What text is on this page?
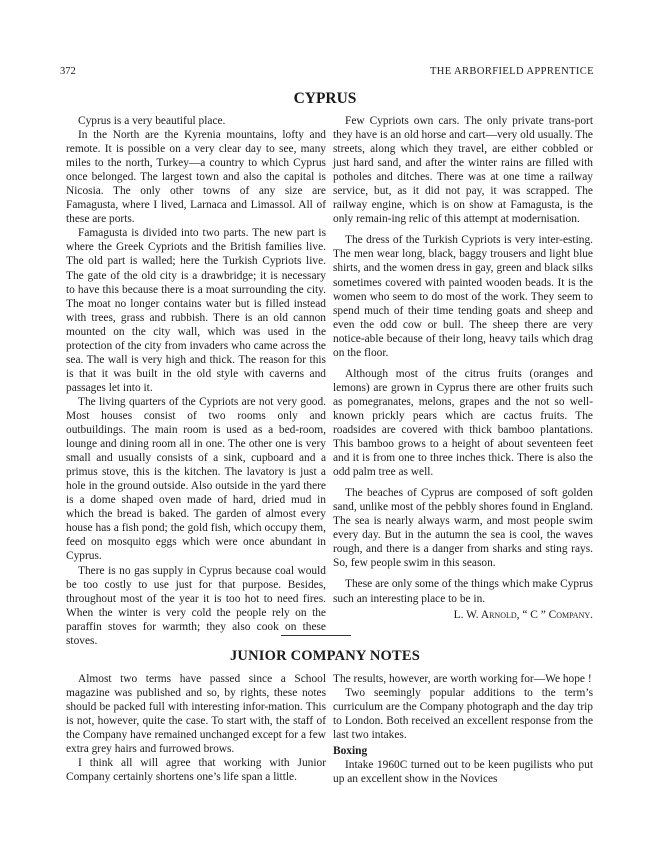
372	THE ARBORFIELD APPRENTICE
CYPRUS

Cyprus is a very beautiful place.

In the North are the Kyrenia mountains, lofty and remote. It is possible on a very clear day to see, many miles to the north, Turkey—a country to which Cyprus once belonged. The largest town and also the capital is Nicosia. The only other towns of any size are Famagusta, where I lived, Larnaca and Limassol. All of these are ports.

Famagusta is divided into two parts. The new part is where the Greek Cypriots and the British families live. The old part is walled; here the Turkish Cypriots live. The gate of the old city is a drawbridge; it is necessary to have this because there is a moat surrounding the city. The moat no longer contains water but is filled instead with trees, grass and rubbish. There is an old cannon mounted on the city wall, which was used in the protection of the city from invaders who came across the sea. The wall is very high and thick. The reason for this is that it was built in the old style with caverns and passages let into it.

The living quarters of the Cypriots are not very good. Most houses consist of two rooms only and outbuildings. The main room is used as a bed-room, lounge and dining room all in one. The other one is very small and usually consists of a sink, cupboard and a primus stove, this is the kitchen. The lavatory is just a hole in the ground outside. Also outside in the yard there is a dome shaped oven made of hard, dried mud in which the bread is baked. The garden of almost every house has a fish pond; the gold fish, which occupy them, feed on mosquito eggs which were once abundant in Cyprus.

There is no gas supply in Cyprus because coal would be too costly to use just for that purpose. Besides, throughout most of the year it is too hot to need fires. When the winter is very cold the people rely on the paraffin stoves for warmth; they also cook on these stoves.

Few Cypriots own cars. The only private trans-port they have is an old horse and cart—very old usually. The streets, along which they travel, are either cobbled or just hard sand, and after the winter rains are filled with potholes and ditches. There was at one time a railway service, but, as it did not pay, it was scrapped. The railway engine, which is on show at Famagusta, is the only remain-ing relic of this attempt at modernisation.

The dress of the Turkish Cypriots is very inter-esting. The men wear long, black, baggy trousers and light blue shirts, and the women dress in gay, green and black silks sometimes covered with painted wooden beads. It is the women who seem to do most of the work. They seem to spend much of their time tending goats and sheep and even the odd cow or bull. The sheep there are very notice-able because of their long, heavy tails which drag on the floor.

Although most of the citrus fruits (oranges and lemons) are grown in Cyprus there are other fruits such as pomegranates, melons, grapes and the not so well-known prickly pears which are cactus fruits. The roadsides are covered with thick bamboo plantations. This bamboo grows to a height of about seventeen feet and it is from one to three inches thick. There is also the odd palm tree as well.

The beaches of Cyprus are composed of soft golden sand, unlike most of the pebbly shores found in England. The sea is nearly always warm, and most people swim every day. But in the autumn the sea is cool, the waves rough, and there is a danger from sharks and sting rays. So, few people swim in this season.

These are only some of the things which make Cyprus such an interesting place to be in.

L. W. Arnold, “ C ” Company.

JUNIOR COMPANY NOTES

Almost two terms have passed since a School magazine was published and so, by rights, these notes should be packed full with interesting infor-mation. This is not, however, quite the case. To start with, the staff of the Company have remained unchanged except for a few extra grey hairs and furrowed brows.

I think all will agree that working with Junior Company certainly shortens one’s life span a little.

The results, however, are worth working for—We hope !

Two seemingly popular additions to the term’s curriculum are the Company photograph and the day trip to London. Both received an excellent response from the last two intakes.

Boxing

Intake 1960C turned out to be keen pugilists who put up an excellent show in the Novices
